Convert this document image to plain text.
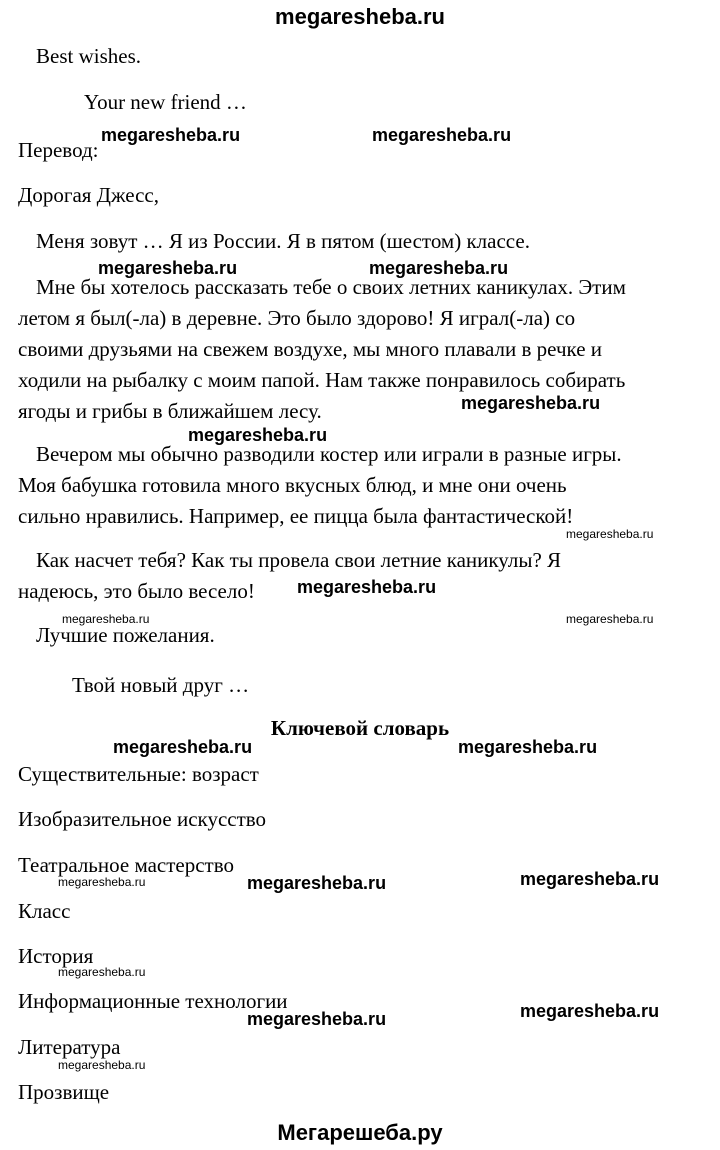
megaresheba.ru
Best wishes.
Your new friend …
Перевод:
Дорогая Джесс,
Меня зовут … Я из России. Я в пятом (шестом) классе.
Мне бы хотелось рассказать тебе о своих летних каникулах. Этим
летом я был(-ла) в деревне. Это было здорово! Я играл(-ла) со
своими друзьями на свежем воздухе, мы много плавали в речке и
ходили на рыбалку с моим папой. Нам также понравилось собирать
ягоды и грибы в ближайшем лесу.
Вечером мы обычно разводили костер или играли в разные игры.
Моя бабушка готовила много вкусных блюд, и мне они очень
сильно нравились. Например, ее пицца была фантастической!
Как насчет тебя? Как ты провела свои летние каникулы? Я
надеюсь, это было весело!
Лучшие пожелания.
Твой новый друг …
Ключевой словарь
Существительные: возраст
Изобразительное искусство
Театральное мастерство
Класс
История
Информационные технологии
Литература
Прозвище
megaresheba.ru	megaresheba.ru
megaresheba.ru	megaresheba.ru
megaresheba.ru
megaresheba.ru
megaresheba.ru
megaresheba.ru	megaresheba.ru
megaresheba.ru	megaresheba.ru
megaresheba.ru	megaresheba.ru
megaresheba.ru
megaresheba.ru	megaresheba.ru
megaresheba.ru
megaresheba.ru
megaresheba.ru
Мегарешеба.ру
